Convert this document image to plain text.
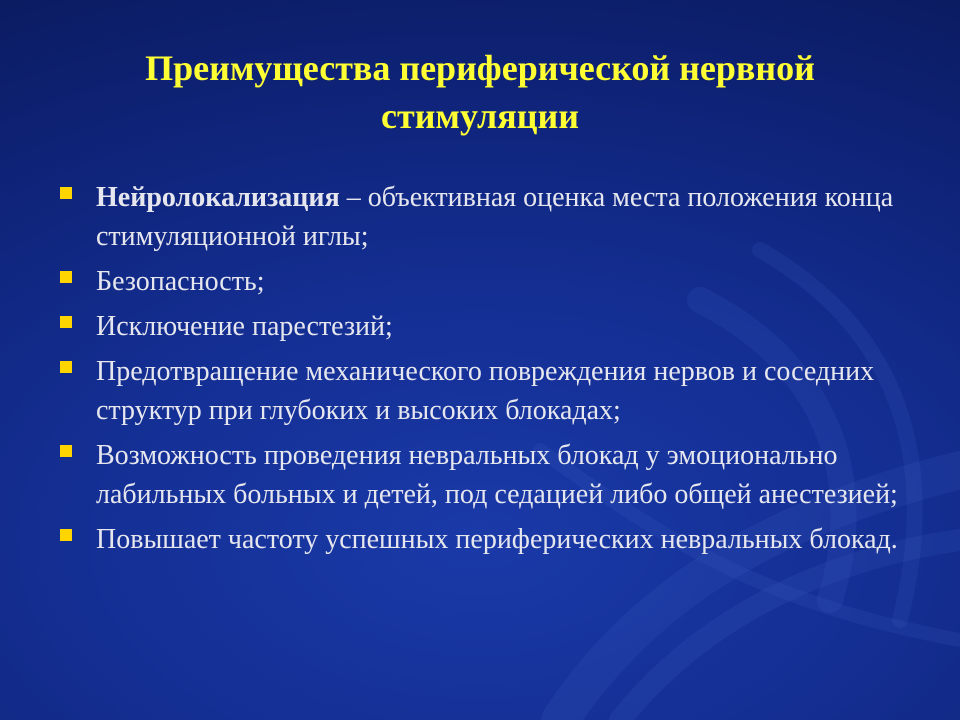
Преимущества периферической нервной стимуляции
Нейролокализация – объективная оценка места положения конца стимуляционной иглы;
Безопасность;
Исключение парестезий;
Предотвращение механического повреждения нервов и соседних структур при глубоких и высоких блокадах;
Возможность проведения невральных блокад у эмоционально лабильных больных и детей, под седацией либо общей анестезией;
Повышает частоту успешных периферических невральных блокад.
